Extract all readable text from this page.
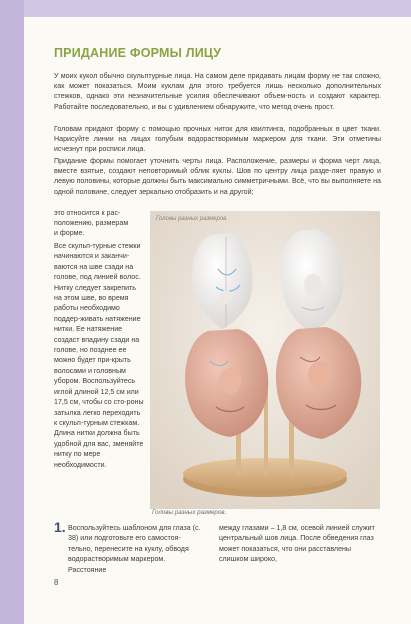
ПРИДАНИЕ ФОРМЫ ЛИЦУ
У моих кукол обычно скульптурные лица. На самом деле придавать лицам форму не так сложно, как может показаться. Моим куклам для этого требуется лишь несколько дополнительных стежков, однако эти незначительные усилия обеспечивают объем-ность и создают характер. Работайте последовательно, и вы с удивлением обнаружите, что метод очень прост.
Головам придают форму с помощью прочных ниток для квилтинга, подобранных в цвет ткани. Нарисуйте линии на лицах голубым водорастворимым маркером для ткани. Эти отметины исчезнут при росписи лица.
Придание формы помогает уточнить черты лица. Расположение, размеры и форма черт лица, вместе взятые, создают неповторимый облик куклы. Шов по центру лица разде-ляет правую и левую половины, которые должны быть максимально симметричными. Всё, что вы выполняете на одной половине, следует зеркально отобразить и на другой;
это относится к рас-
положению, размерам
и форме.
Все скульп-турные стежки начинаются и заканчи-ваются на шве сзади на голове, под линией волос. Нитку следует закрепить на этом шве, во время работы необходимо поддер-живать натяжение нитки. Ее натяжение создаст впадину сзади на голове, но позднее ее можно будет при-крыть волосами и головным убором. Воспользуйтесь иглой длиной 12,5 см или 17,5 см, чтобы со сто-роны затылка легко переходить к скульп-турным стежкам. Длина нитки должна быть удобной для вас, зменяйте нитку по мере необходимости.
Головы разных размеров.
Головы разных размеров.
1. Воспользуйтесь шаблоном для глаза (с. 38) или подготовьте его самостоя-тельно, перенесите на куклу, обводя водорастворимым маркером. Расстояние
между глазами – 1,8 см, осевой линией служит центральный шов лица. После обведения глаз может показаться, что они расставлены слишком широко,
8
